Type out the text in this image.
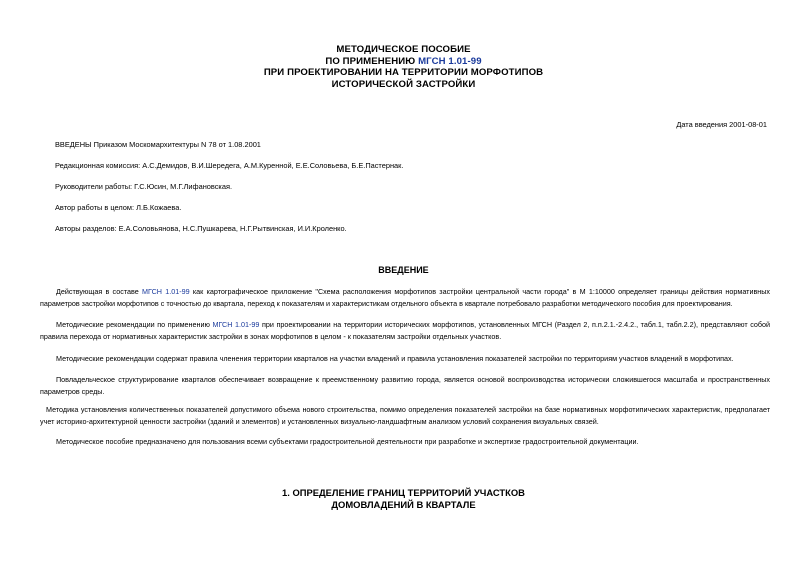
МЕТОДИЧЕСКОЕ ПОСОБИЕ
ПО ПРИМЕНЕНИЮ МГСН 1.01-99
ПРИ ПРОЕКТИРОВАНИИ НА ТЕРРИТОРИИ МОРФОТИПОВ
ИСТОРИЧЕСКОЙ ЗАСТРОЙКИ
Дата введения 2001-08-01
ВВЕДЕНЫ Приказом Москомархитектуры N 78 от 1.08.2001
Редакционная комиссия: А.С.Демидов, В.И.Шередега, А.М.Куренной, Е.Е.Соловьева, Б.Е.Пастернак.
Руководители работы: Г.С.Юсин, М.Г.Лифановская.
Автор работы в целом: Л.Б.Кожаева.
Авторы разделов: Е.А.Соловьянова, Н.С.Пушкарева, Н.Г.Рытвинская, И.И.Кроленко.
ВВЕДЕНИЕ

Действующая в составе МГСН 1.01-99 как картографическое приложение "Схема расположения морфотипов застройки центральной части города" в М 1:10000 определяет границы действия нормативных параметров застройки морфотипов с точностью до квартала, переход к показателям и характеристикам отдельного объекта в квартале потребовало разработки методического пособия для проектирования.

Методические рекомендации по применению МГСН 1.01-99 при проектировании на территории исторических морфотипов, установленных МГСН (Раздел 2, п.п.2.1.-2.4.2., табл.1, табл.2.2), представляют собой правила перехода от нормативных характеристик застройки в зонах морфотипов в целом - к показателям застройки отдельных участков.

Методические рекомендации содержат правила членения территории кварталов на участки владений и правила установления показателей застройки по территориям участков владений в морфотипах.

Повладельческое структурирование кварталов обеспечивает возвращение к преемственному развитию города, является основой воспроизводства исторически сложившегося масштаба и пространственных параметров среды.

Методика установления количественных показателей допустимого объема нового строительства, помимо определения показателей застройки на базе нормативных морфотипических характеристик, предполагает учет историко-архитектурной ценности застройки (зданий и элементов) и установленных визуально-ландшафтным анализом условий сохранения визуальных связей.

Методическое пособие предназначено для пользования всеми субъектами градостроительной деятельности при разработке и экспертизе градостроительной документации.

1. ОПРЕДЕЛЕНИЕ ГРАНИЦ ТЕРРИТОРИЙ УЧАСТКОВ
ДОМОВЛАДЕНИЙ В КВАРТАЛЕ
